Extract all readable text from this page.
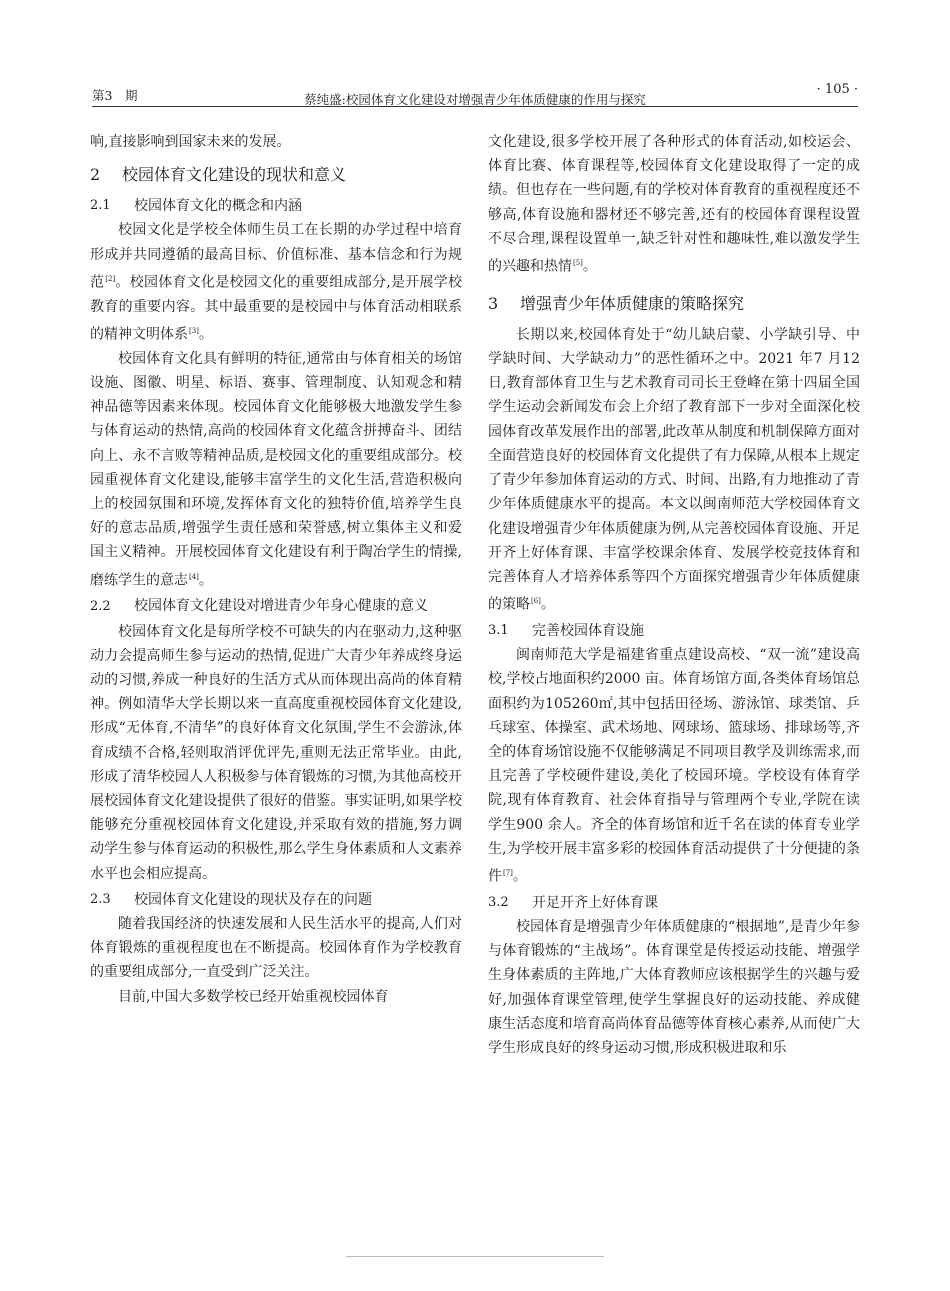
第3　期	蔡纯盛:校园体育文化建设对增强青少年体质健康的作用与探究
· 105 ·

响,直接影响到国家未来的发展。

2	校园体育文化建设的现状和意义
2.1	校园体育文化的概念和内涵

校园文化是学校全体师生员工在长期的办学过程中培育形成并共同遵循的最高目标、价值标准、基本信念和行为规范[2]。校园体育文化是校园文化的重要组成部分,是开展学校教育的重要内容。其中最重要的是校园中与体育活动相联系的精神文明体系[3]。

校园体育文化具有鲜明的特征,通常由与体育相关的场馆设施、图徽、明星、标语、赛事、管理制度、认知观念和精神品德等因素来体现。校园体育文化能够极大地激发学生参与体育运动的热情,高尚的校园体育文化蕴含拼搏奋斗、团结向上、永不言败等精神品质,是校园文化的重要组成部分。校园重视体育文化建设,能够丰富学生的文化生活,营造积极向上的校园氛围和环境,发挥体育文化的独特价值,培养学生良好的意志品质,增强学生责任感和荣誉感,树立集体主义和爱国主义精神。开展校园体育文化建设有利于陶冶学生的情操,磨练学生的意志[4]。

2.2 校园体育文化建设对增进青少年身心健康的意义

校园体育文化是每所学校不可缺失的内在驱动力,这种驱动力会提高师生参与运动的热情,促进广大青少年养成终身运动的习惯,养成一种良好的生活方式从而体现出高尚的体育精神。例如清华大学长期以来一直高度重视校园体育文化建设,形成“无体育,不清华”的良好体育文化氛围,学生不会游泳,体育成绩不合格,轻则取消评优评先,重则无法正常毕业。由此,形成了清华校园人人积极参与体育锻炼的习惯,为其他高校开展校园体育文化建设提供了很好的借鉴。事实证明,如果学校能够充分重视校园体育文化建设,并采取有效的措施,努力调动学生参与体育运动的积极性,那么学生身体素质和人文素养水平也会相应提高。

2.3	校园体育文化建设的现状及存在的问题

随着我国经济的快速发展和人民生活水平的提高,人们对体育锻炼的重视程度也在不断提高。校园体育作为学校教育的重要组成部分,一直受到广泛关注。

目前,中国大多数学校已经开始重视校园体育

文化建设,很多学校开展了各种形式的体育活动,如校运会、体育比赛、体育课程等,校园体育文化建设取得了一定的成绩。但也存在一些问题,有的学校对体育教育的重视程度还不够高,体育设施和器材还不够完善,还有的校园体育课程设置不尽合理,课程设置单一,缺乏针对性和趣味性,难以激发学生的兴趣和热情[5]。

3	增强青少年体质健康的策略探究

长期以来,校园体育处于“幼儿缺启蒙、小学缺引导、中学缺时间、大学缺动力”的恶性循环之中。2021 年7 月12 日,教育部体育卫生与艺术教育司司长王登峰在第十四届全国学生运动会新闻发布会上介绍了教育部下一步对全面深化校园体育改革发展作出的部署,此改革从制度和机制保障方面对全面营造良好的校园体育文化提供了有力保障,从根本上规定了青少年参加体育运动的方式、时间、出路,有力地推动了青少年体质健康水平的提高。本文以闽南师范大学校园体育文化建设增强青少年体质健康为例,从完善校园体育设施、开足开齐上好体育课、丰富学校课余体育、发展学校竞技体育和完善体育人才培养体系等四个方面探究增强青少年体质健康的策略[6]。

3.1	完善校园体育设施

闽南师范大学是福建省重点建设高校、“双一流”建设高校,学校占地面积约2000 亩。体育场馆方面,各类体育场馆总面积约为105260㎡,其中包括田径场、游泳馆、球类馆、乒乓球室、体操室、武术场地、网球场、篮球场、排球场等,齐全的体育场馆设施不仅能够满足不同项目教学及训练需求,而且完善了学校硬件建设,美化了校园环境。学校设有体育学院,现有体育教育、社会体育指导与管理两个专业,学院在读学生900 余人。齐全的体育场馆和近千名在读的体育专业学生,为学校开展丰富多彩的校园体育活动提供了十分便捷的条件[7]。

3.2	开足开齐上好体育课

校园体育是增强青少年体质健康的“根据地”,是青少年参与体育锻炼的“主战场”。体育课堂是传授运动技能、增强学生身体素质的主阵地,广大体育教师应该根据学生的兴趣与爱好,加强体育课堂管理,使学生掌握良好的运动技能、养成健康生活态度和培育高尚体育品德等体育核心素养,从而使广大学生形成良好的终身运动习惯,形成积极进取和乐
